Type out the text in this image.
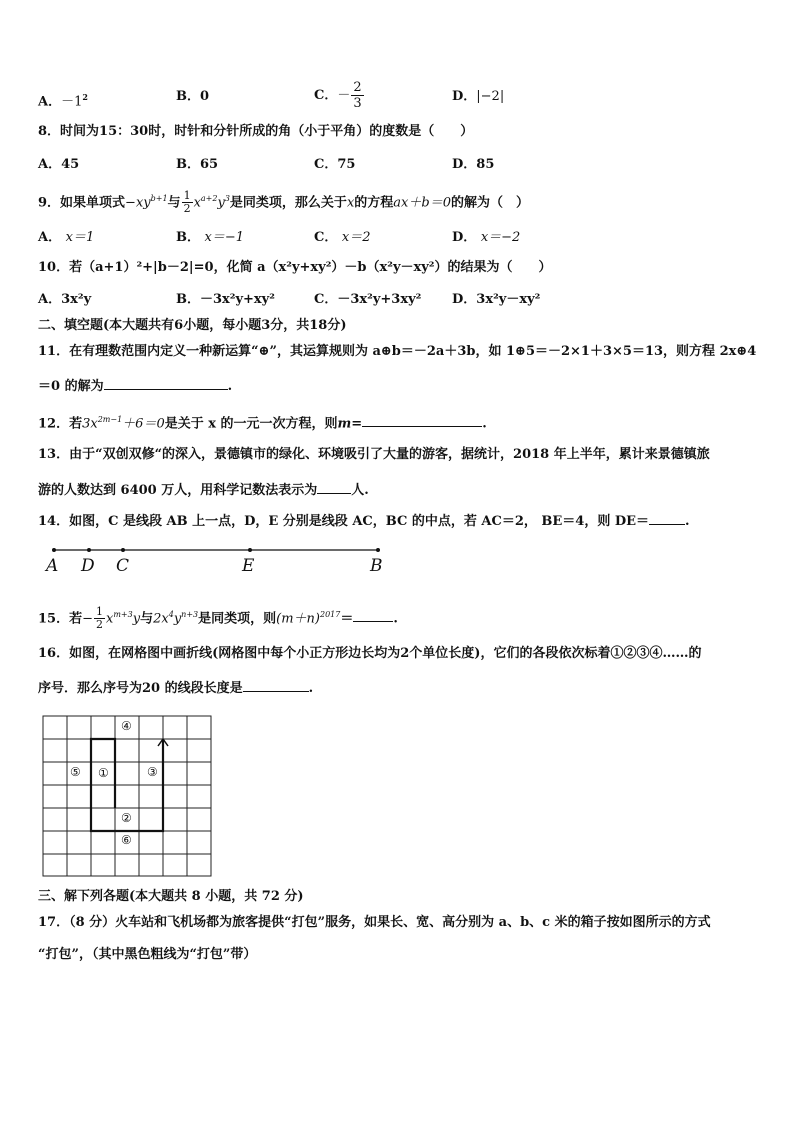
A．$-1^2$	B．0	C．－ $\frac{2}{3}$	D．|−2|
8．时间为15：30时，时针和分针所成的角（小于平角）的度数是（　　）
A．45	B．65	C．75	D．85
9．如果单项式$-xy^{b+1}$与 $\frac{1}{2} x^{a+2}y^3$是同类项，那么关于x的方程ax＋b＝0的解为（　）
A． x＝1	B． x＝−1	C． x＝2	D． x＝−2
10．若（a+1）²+|b－2|=0，化简 a（x²y+xy²）－b（x²y－xy²）的结果为（　　）
A．3x²y	B．－3x²y+xy²	C．－3x²y+3xy² D．3x²y－xy²
二、填空题(本大题共有6小题，每小题3分，共18分)
11．在有理数范围内定义一种新运算“⊕”，其运算规则为 a⊕b＝－2a＋3b，如 1⊕5＝－2×1＋3×5＝13，则方程 2x⊕4
＝0 的解为	.
12．若$3x^{2m-1}+6=0$是关于 x 的一元一次方程，则m=	.
13．由于“双创双修“的深入，景德镇市的绿化、环境吸引了大量的游客，据统计，2018 年上半年，累计来景德镇旅
游的人数达到 6400 万人，用科学记数法表示为	人.
14．如图，C 是线段 AB 上一点，D，E 分别是线段 AC，BC 的中点，若 AC＝2， BE＝4，则 DE＝	.
A D C	E	B
15．若− $\frac{1}{2} x^{m+3}y$与$2x^4y^{n+3}$是同类项，则$(m+n)^{2017}=$	.
16．如图，在网格图中画折线(网格图中每个小正方形边长均为2个单位长度)，它们的各段依次标着①②③④……的
序号．那么序号为20 的线段长度是	.
④
⑤ ①	③
②
⑥
三、解下列各题(本大题共 8 小题，共 72 分)
17．（8 分）火车站和飞机场都为旅客提供“打包”服务，如果长、宽、高分别为 a、b、c 米的箱子按如图所示的方式
“打包”，（其中黑色粗线为“打包”带）
